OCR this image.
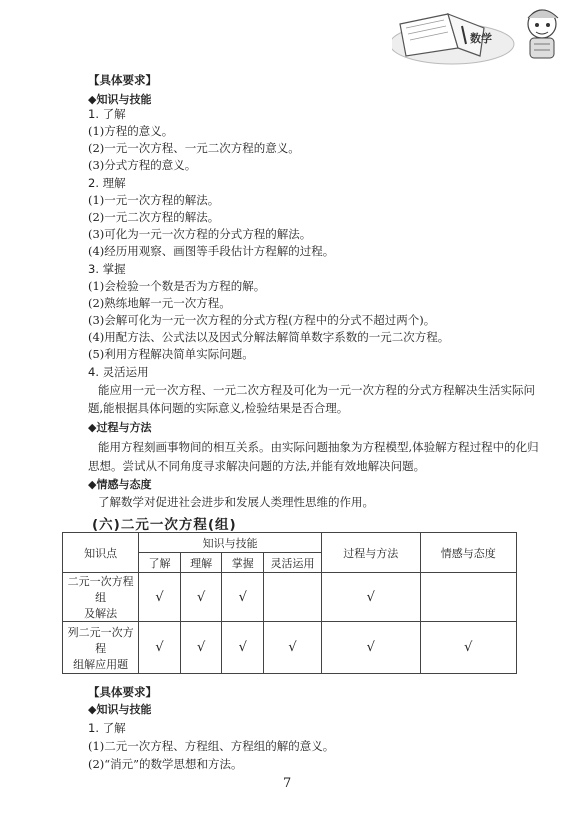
数学
【具体要求】
◆知识与技能
1. 了解
(1)方程的意义。
(2)一元一次方程、一元二次方程的意义。
(3)分式方程的意义。
2. 理解
(1)一元一次方程的解法。
(2)一元二次方程的解法。
(3)可化为一元一次方程的分式方程的解法。
(4)经历用观察、画图等手段估计方程解的过程。
3. 掌握
(1)会检验一个数是否为方程的解。
(2)熟练地解一元一次方程。
(3)会解可化为一元一次方程的分式方程(方程中的分式不超过两个)。
(4)用配方法、公式法以及因式分解法解简单数字系数的一元二次方程。
(5)利用方程解决简单实际问题。
4. 灵活运用
能应用一元一次方程、一元二次方程及可化为一元一次方程的分式方程解决生活实际问
题,能根据具体问题的实际意义,检验结果是否合理。
◆过程与方法
能用方程刻画事物间的相互关系。由实际问题抽象为方程模型,体验解方程过程中的化归
思想。尝试从不同角度寻求解决问题的方法,并能有效地解决问题。
◆情感与态度
(六)二元一次方程(组)
知识点	知识与技能				过程与方法	情感与态度
	了解	理解	掌握	灵活运用		

二元一次方程组
及解法	√	√	√		√	

列二元一次方程
组解应用题	√	√	√	√	√	√
【具体要求】
◆知识与技能
1. 了解
(1)二元一次方程、方程组、方程组的解的意义。
(2)“消元”的数学思想和方法。
7
了解数学对促进社会进步和发展人类理性思维的作用。
